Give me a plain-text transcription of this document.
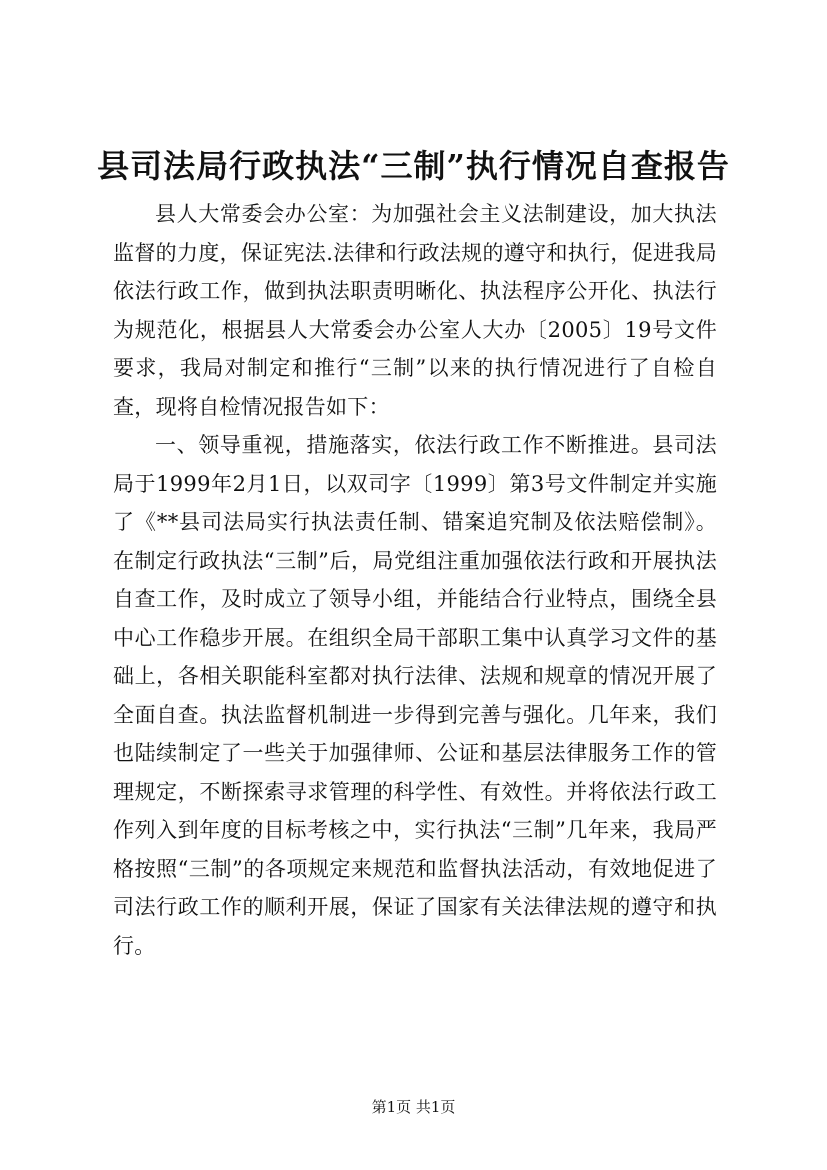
县司法局行政执法“三制”执行情况自查报告

县人大常委会办公室：为加强社会主义法制建设，加大执法监督的力度，保证宪法.法律和行政法规的遵守和执行，促进我局依法行政工作，做到执法职责明晰化、执法程序公开化、执法行为规范化，根据县人大常委会办公室人大办〔2005〕19号文件要求，我局对制定和推行“三制”以来的执行情况进行了自检自查，现将自检情况报告如下：

一、领导重视，措施落实，依法行政工作不断推进。县司法局于1999年2月1日，以双司字〔1999〕第3号文件制定并实施了《**县司法局实行执法责任制、错案追究制及依法赔偿制》。在制定行政执法“三制”后，局党组注重加强依法行政和开展执法自查工作，及时成立了领导小组，并能结合行业特点，围绕全县中心工作稳步开展。在组织全局干部职工集中认真学习文件的基础上，各相关职能科室都对执行法律、法规和规章的情况开展了全面自查。执法监督机制进一步得到完善与强化。几年来，我们也陆续制定了一些关于加强律师、公证和基层法律服务工作的管理规定，不断探索寻求管理的科学性、有效性。并将依法行政工作列入到年度的目标考核之中，实行执法“三制”几年来，我局严格按照“三制”的各项规定来规范和监督执法活动，有效地促进了司法行政工作的顺利开展，保证了国家有关法律法规的遵守和执行。

第1页 共1页
